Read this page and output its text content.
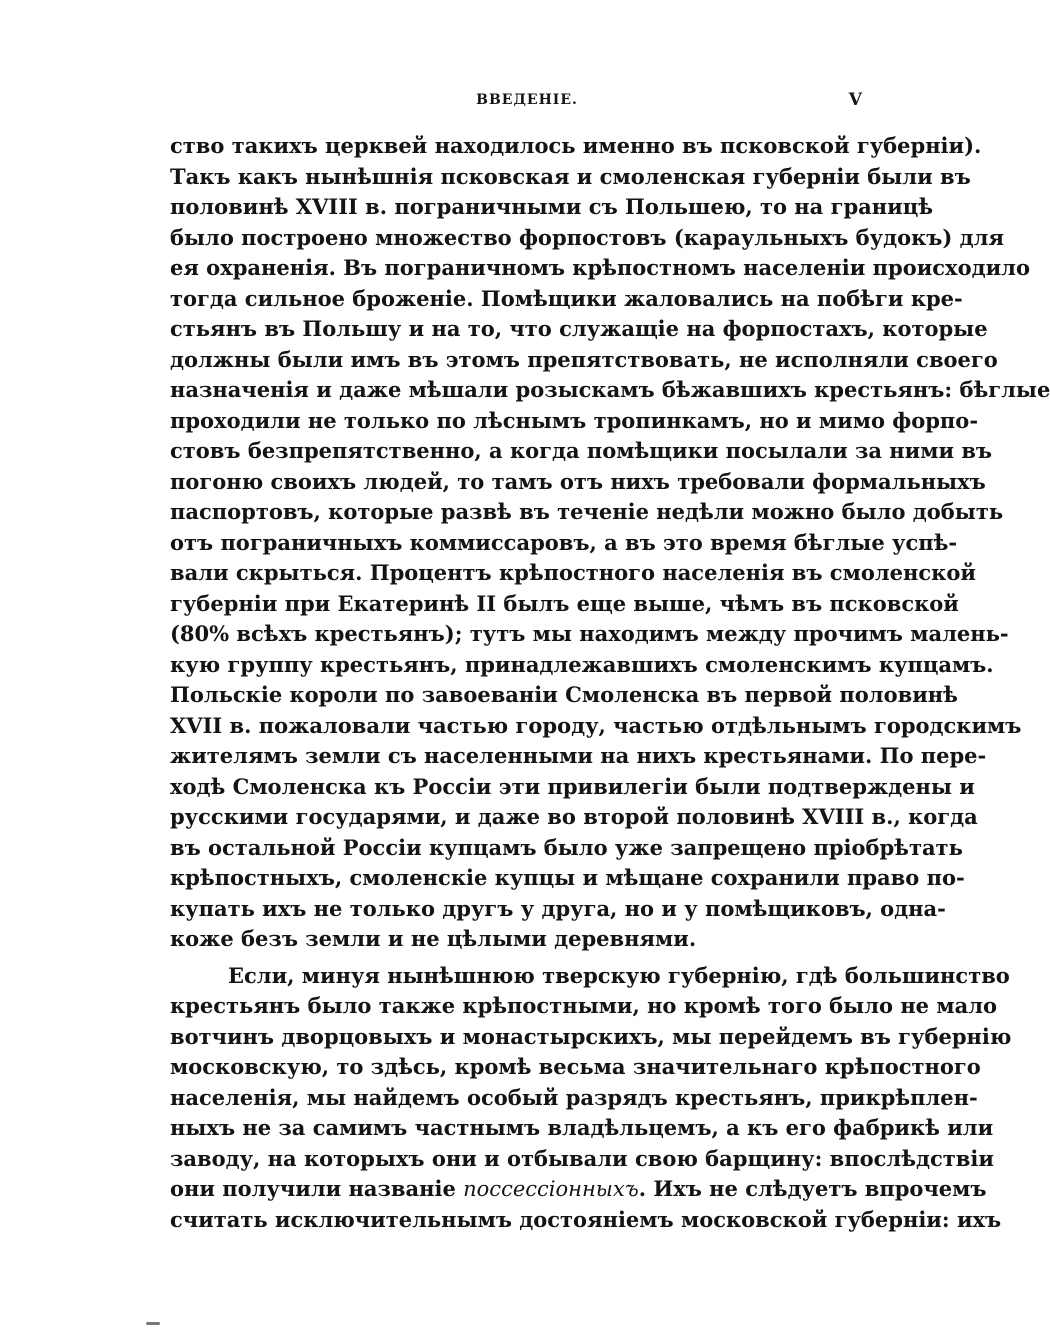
ВВЕДЕНІЕ.	V
ство такихъ церквей находилось именно въ псковской губерніи).
Такъ какъ нынѣшнія псковская и смоленская губерніи были въ
половинѣ XVIII в. пограничными съ Польшею, то на границѣ
было построено множество форпостовъ (караульныхъ будокъ) для
ея охраненія. Въ пограничномъ крѣпостномъ населеніи происходило
тогда сильное броженіе. Помѣщики жаловались на побѣги кре-
стьянъ въ Польшу и на то, что служащіе на форпостахъ, которые
должны были имъ въ этомъ препятствовать, не исполняли своего
назначенія и даже мѣшали розыскамъ бѣжавшихъ крестьянъ: бѣглые
проходили не только по лѣснымъ тропинкамъ, но и мимо форпо-
стовъ безпрепятственно, а когда помѣщики посылали за ними въ
погоню своихъ людей, то тамъ отъ нихъ требовали формальныхъ
паспортовъ, которые развѣ въ теченіе недѣли можно было добыть
отъ пограничныхъ коммиссаровъ, а въ это время бѣглые успѣ-
вали скрыться. Процентъ крѣпостного населенія въ смоленской
губерніи при Екатеринѣ II былъ еще выше, чѣмъ въ псковской
(80% всѣхъ крестьянъ); тутъ мы находимъ между прочимъ малень-
кую группу крестьянъ, принадлежавшихъ смоленскимъ купцамъ.
Польскіе короли по завоеваніи Смоленска въ первой половинѣ
XVII в. пожаловали частью городу, частью отдѣльнымъ городскимъ
жителямъ земли съ населенными на нихъ крестьянами. По пере-
ходѣ Смоленска къ Россіи эти привилегіи были подтверждены и
русскими государями, и даже во второй половинѣ XVIII в., когда
въ остальной Россіи купцамъ было уже запрещено пріобрѣтать
крѣпостныхъ, смоленскіе купцы и мѣщане сохранили право по-
купать ихъ не только другъ у друга, но и у помѣщиковъ, одна-
коже безъ земли и не цѣлыми деревнями.
Если, минуя нынѣшнюю тверскую губернію, гдѣ большинство
крестьянъ было также крѣпостными, но кромѣ того было не мало
вотчинъ дворцовыхъ и монастырскихъ, мы перейдемъ въ губернію
московскую, то здѣсь, кромѣ весьма значительнаго крѣпостного
населенія, мы найдемъ особый разрядъ крестьянъ, прикрѣплен-
ныхъ не за самимъ частнымъ владѣльцемъ, а къ его фабрикѣ или
заводу, на которыхъ они и отбывали свою барщину: впослѣдствіи
они получили названіе поссессіонныхъ. Ихъ не слѣдуетъ впрочемъ
считать исключительнымъ достояніемъ московской губерніи: ихъ
